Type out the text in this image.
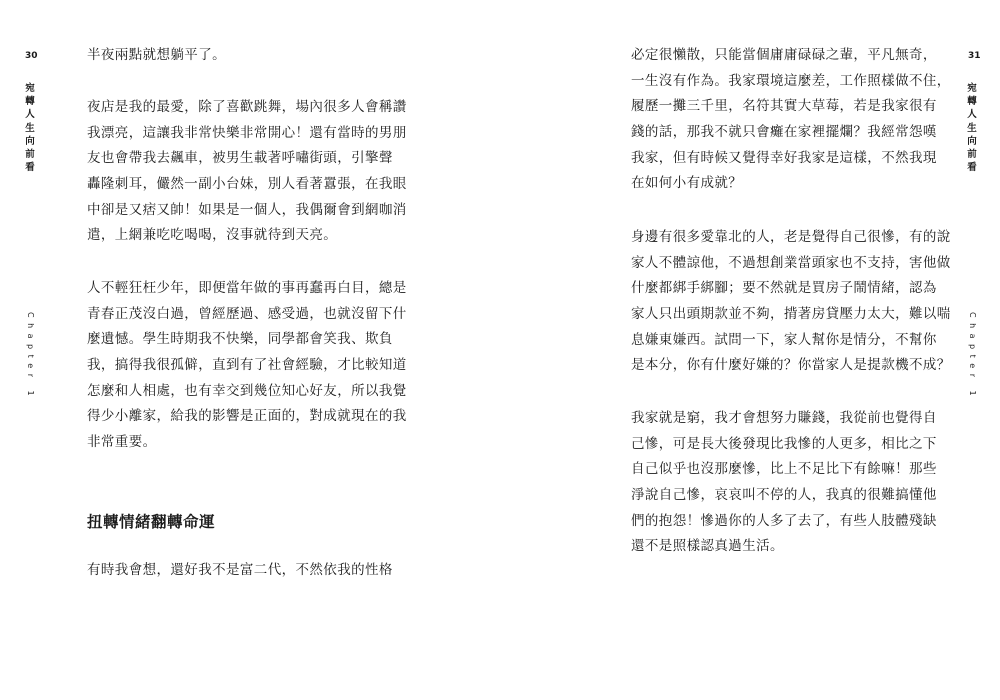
30
宛轉人生向前看
Chapter 1
半夜兩點就想躺平了。
夜店是我的最愛，除了喜歡跳舞，場內很多人會稱讚
我漂亮，這讓我非常快樂非常開心！還有當時的男朋
友也會帶我去飆車，被男生載著呼嘯街頭，引擎聲
轟隆刺耳，儼然一副小台妹，別人看著囂張，在我眼
中卻是又痞又帥！如果是一個人，我偶爾會到網咖消
遣，上網兼吃吃喝喝，沒事就待到天亮。
人不輕狂枉少年，即便當年做的事再蠢再白目，總是
青春正茂沒白過，曾經歷過、感受過，也就沒留下什
麼遺憾。學生時期我不快樂，同學都會笑我、欺負
我，搞得我很孤僻，直到有了社會經驗，才比較知道
怎麼和人相處，也有幸交到幾位知心好友，所以我覺
得少小離家，給我的影響是正面的，對成就現在的我
非常重要。
扭轉情緒翻轉命運
有時我會想，還好我不是富二代，不然依我的性格
31
宛轉人生向前看
Chapter 1
必定很懶散，只能當個庸庸碌碌之輩，平凡無奇，
一生沒有作為。我家環境這麼差，工作照樣做不住，
履歷一攤三千里，名符其實大草莓，若是我家很有
錢的話，那我不就只會癱在家裡擺爛？我經常怨嘆
我家，但有時候又覺得幸好我家是這樣，不然我現
在如何小有成就？
身邊有很多愛靠北的人，老是覺得自己很慘，有的說
家人不體諒他，不過想創業當頭家也不支持，害他做
什麼都綁手綁腳；要不然就是買房子鬧情緒，認為
家人只出頭期款並不夠，揹著房貸壓力太大，難以喘
息嫌東嫌西。試問一下，家人幫你是情分，不幫你
是本分，你有什麼好嫌的？你當家人是提款機不成？
我家就是窮，我才會想努力賺錢，我從前也覺得自
己慘，可是長大後發現比我慘的人更多，相比之下
自己似乎也沒那麼慘，比上不足比下有餘嘛！那些
淨說自己慘，哀哀叫不停的人，我真的很難搞懂他
們的抱怨！慘過你的人多了去了，有些人肢體殘缺
還不是照樣認真過生活。
